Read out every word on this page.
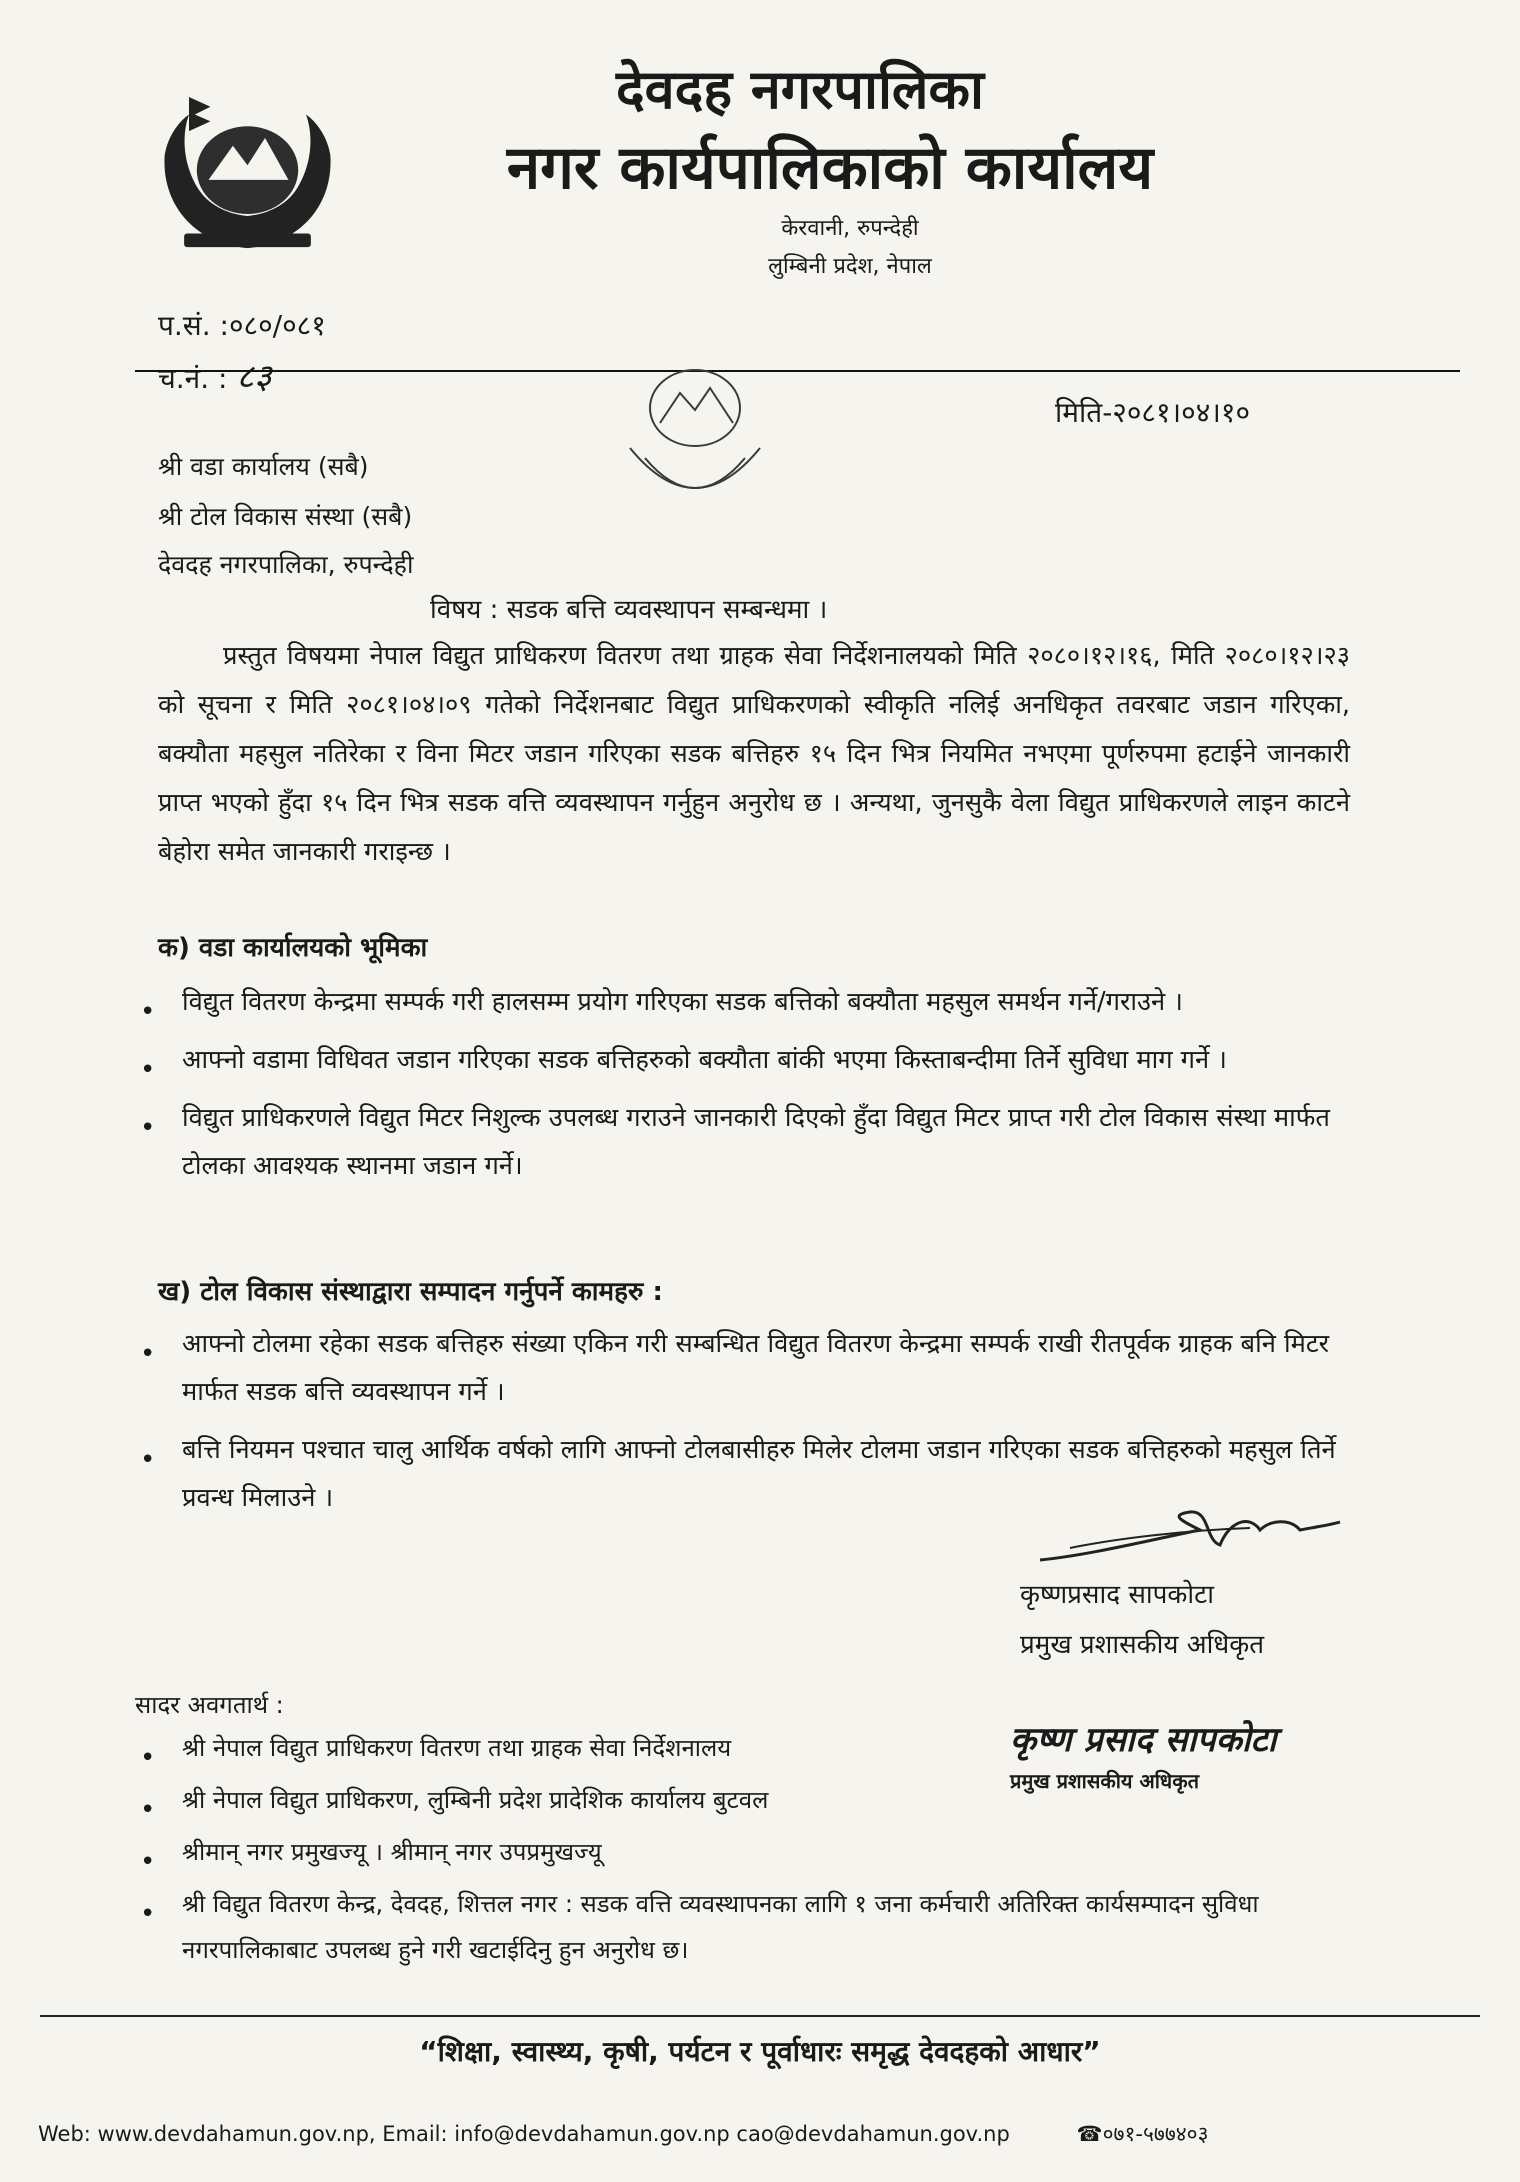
देवदह नगरपालिका
नगर कार्यपालिकाको कार्यालय
केरवानी, रुपन्देही
लुम्बिनी प्रदेश, नेपाल
प.सं. :०८०/०८१
च.नं. : ८३
मिति-२०८१।०४।१०
श्री वडा कार्यालय (सबै)
श्री टोल विकास संस्था (सबै)
देवदह नगरपालिका, रुपन्देही
विषय : सडक बत्ति व्यवस्थापन सम्बन्धमा ।
प्रस्तुत विषयमा नेपाल विद्युत प्राधिकरण वितरण तथा ग्राहक सेवा निर्देशनालयको मिति २०८०।१२।१६, मिति २०८०।१२।२३ को सूचना र मिति २०८१।०४।०९ गतेको निर्देशनबाट विद्युत प्राधिकरणको स्वीकृति नलिई अनधिकृत तवरबाट जडान गरिएका, बक्यौता महसुल नतिरेका र विना मिटर जडान गरिएका सडक बत्तिहरु १५ दिन भित्र नियमित नभएमा पूर्णरुपमा हटाईने जानकारी प्राप्त भएको हुँदा १५ दिन भित्र सडक वत्ति व्यवस्थापन गर्नुहुन अनुरोध छ । अन्यथा, जुनसुकै वेला विद्युत प्राधिकरणले लाइन काटने बेहोरा समेत जानकारी गराइन्छ ।
क) वडा कार्यालयको भूमिका
• विद्युत वितरण केन्द्रमा सम्पर्क गरी हालसम्म प्रयोग गरिएका सडक बत्तिको बक्यौता महसुल समर्थन गर्ने/गराउने ।
• आफ्नो वडामा विधिवत जडान गरिएका सडक बत्तिहरुको बक्यौता बांकी भएमा किस्ताबन्दीमा तिर्ने सुविधा माग गर्ने ।
• विद्युत प्राधिकरणले विद्युत मिटर निशुल्क उपलब्ध गराउने जानकारी दिएको हुँदा विद्युत मिटर प्राप्त गरी टोल विकास संस्था मार्फत टोलका आवश्यक स्थानमा जडान गर्ने।
ख) टोल विकास संस्थाद्वारा सम्पादन गर्नुपर्ने कामहरु :
• आफ्नो टोलमा रहेका सडक बत्तिहरु संख्या एकिन गरी सम्बन्धित विद्युत वितरण केन्द्रमा सम्पर्क राखी रीतपूर्वक ग्राहक बनि मिटर मार्फत सडक बत्ति व्यवस्थापन गर्ने ।
• बत्ति नियमन पश्चात चालु आर्थिक वर्षको लागि आफ्नो टोलबासीहरु मिलेर टोलमा जडान गरिएका सडक बत्तिहरुको महसुल तिर्ने प्रवन्ध मिलाउने ।
कृष्णप्रसाद सापकोटा
प्रमुख प्रशासकीय अधिकृत
सादर अवगतार्थ :
• श्री नेपाल विद्युत प्राधिकरण वितरण तथा ग्राहक सेवा निर्देशनालय
• श्री नेपाल विद्युत प्राधिकरण, लुम्बिनी प्रदेश प्रादेशिक कार्यालय बुटवल
• श्रीमान् नगर प्रमुखज्यू । श्रीमान् नगर उपप्रमुखज्यू
• श्री विद्युत वितरण केन्द्र, देवदह, शित्तल नगर : सडक वत्ति व्यवस्थापनका लागि १ जना कर्मचारी अतिरिक्त कार्यसम्पादन सुविधा नगरपालिकाबाट उपलब्ध हुने गरी खटाईदिनु हुन अनुरोध छ।
कृष्ण प्रसाद सापकोटा
प्रमुख प्रशासकीय अधिकृत
“शिक्षा, स्वास्थ्य, कृषी, पर्यटन र पूर्वाधारः समृद्ध देवदहको आधार”
Web: www.devdahamun.gov.np, Email: info@devdahamun.gov.np cao@devdahamun.gov.np	☎०७१-५७७४०३
